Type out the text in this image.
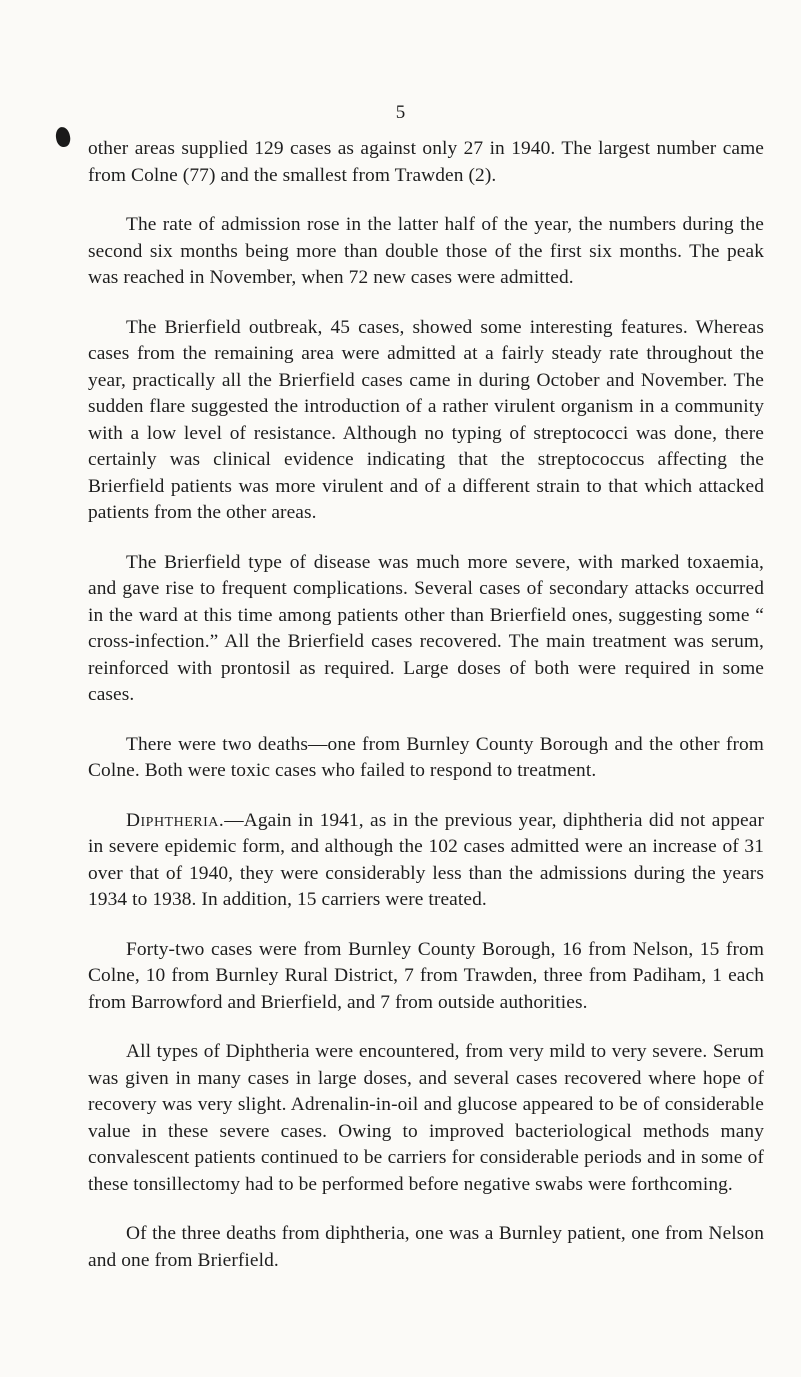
5

other areas supplied 129 cases as against only 27 in 1940. The largest number came from Colne (77) and the smallest from Trawden (2).

The rate of admission rose in the latter half of the year, the numbers during the second six months being more than double those of the first six months. The peak was reached in November, when 72 new cases were admitted.

The Brierfield outbreak, 45 cases, showed some interesting features. Whereas cases from the remaining area were admitted at a fairly steady rate throughout the year, practically all the Brierfield cases came in during October and November. The sudden flare suggested the introduction of a rather virulent organism in a community with a low level of resistance. Although no typing of streptococci was done, there certainly was clinical evidence indicating that the streptococcus affecting the Brierfield patients was more virulent and of a different strain to that which attacked patients from the other areas.

The Brierfield type of disease was much more severe, with marked toxaemia, and gave rise to frequent complications. Several cases of secondary attacks occurred in the ward at this time among patients other than Brierfield ones, suggesting some “ cross-infection.” All the Brierfield cases recovered. The main treatment was serum, reinforced with prontosil as required. Large doses of both were required in some cases.

There were two deaths—one from Burnley County Borough and the other from Colne. Both were toxic cases who failed to respond to treatment.

Diphtheria.—Again in 1941, as in the previous year, diphtheria did not appear in severe epidemic form, and although the 102 cases admitted were an increase of 31 over that of 1940, they were considerably less than the admissions during the years 1934 to 1938. In addition, 15 carriers were treated.

Forty-two cases were from Burnley County Borough, 16 from Nelson, 15 from Colne, 10 from Burnley Rural District, 7 from Trawden, three from Padiham, 1 each from Barrowford and Brierfield, and 7 from outside authorities.

All types of Diphtheria were encountered, from very mild to very severe. Serum was given in many cases in large doses, and several cases recovered where hope of recovery was very slight. Adrenalin-in-oil and glucose appeared to be of considerable value in these severe cases. Owing to improved bacteriological methods many convalescent patients continued to be carriers for considerable periods and in some of these tonsillectomy had to be performed before negative swabs were forthcoming.

Of the three deaths from diphtheria, one was a Burnley patient, one from Nelson and one from Brierfield.
